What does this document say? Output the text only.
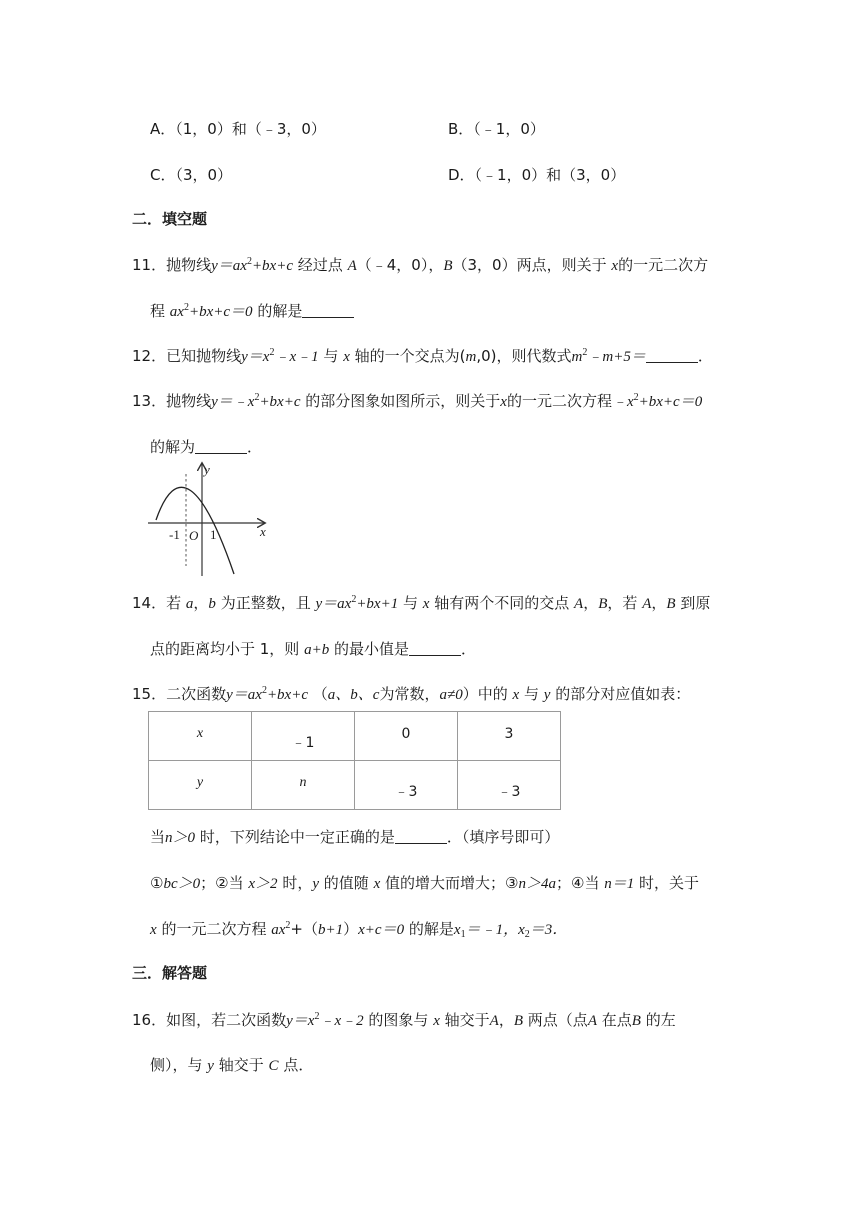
A．（1，0）和（﹣3，0）	B．（﹣1，0）
C．（3，0）	D．（﹣1，0）和（3，0）
二．填空题
11．抛物线$y=ax^2+bx+c$ 经过点 A（﹣4，0），B（3，0）两点，则关于 x的一元二次方
程 $ax^2+bx+c=0$ 的解是
12．已知抛物线$y=x^2﹣x﹣1$ 与 x 轴的一个交点为(m,0)，则代数式$m^2﹣m+5=$	．
13．抛物线$y=﹣x^2+bx+c$ 的部分图象如图所示，则关于x的一元二次方程$﹣x^2+bx+c=0$
的解为	．
y
x
O
-1 1
14．若 a，b 为正整数，且 $y=ax^2+bx+1$ 与 x 轴有两个不同的交点 A，B，若 A，B 到原
点的距离均小于 1，则 a+b 的最小值是	．
15．二次函数$y=ax^2+bx+c$ （a、b、c为常数，a≠0）中的 x 与 y 的部分对应值如表：
x	﹣1	0	3

y	n	﹣3	﹣3
当n＞0 时，下列结论中一定正确的是	．（填序号即可）
①bc＞0；②当 x＞2 时，y 的值随 x 值的增大而增大；③n＞4a；④当 n＝1 时，关于
x 的一元二次方程 $ax^2+(b+1)x+c=0$ 的解是$x_1=﹣1$，$x_2=3$．
三．解答题
16．如图，若二次函数$y=x^2﹣x﹣2$ 的图象与 x 轴交于A，B 两点（点A 在点B 的左
侧），与 y 轴交于 C 点．
